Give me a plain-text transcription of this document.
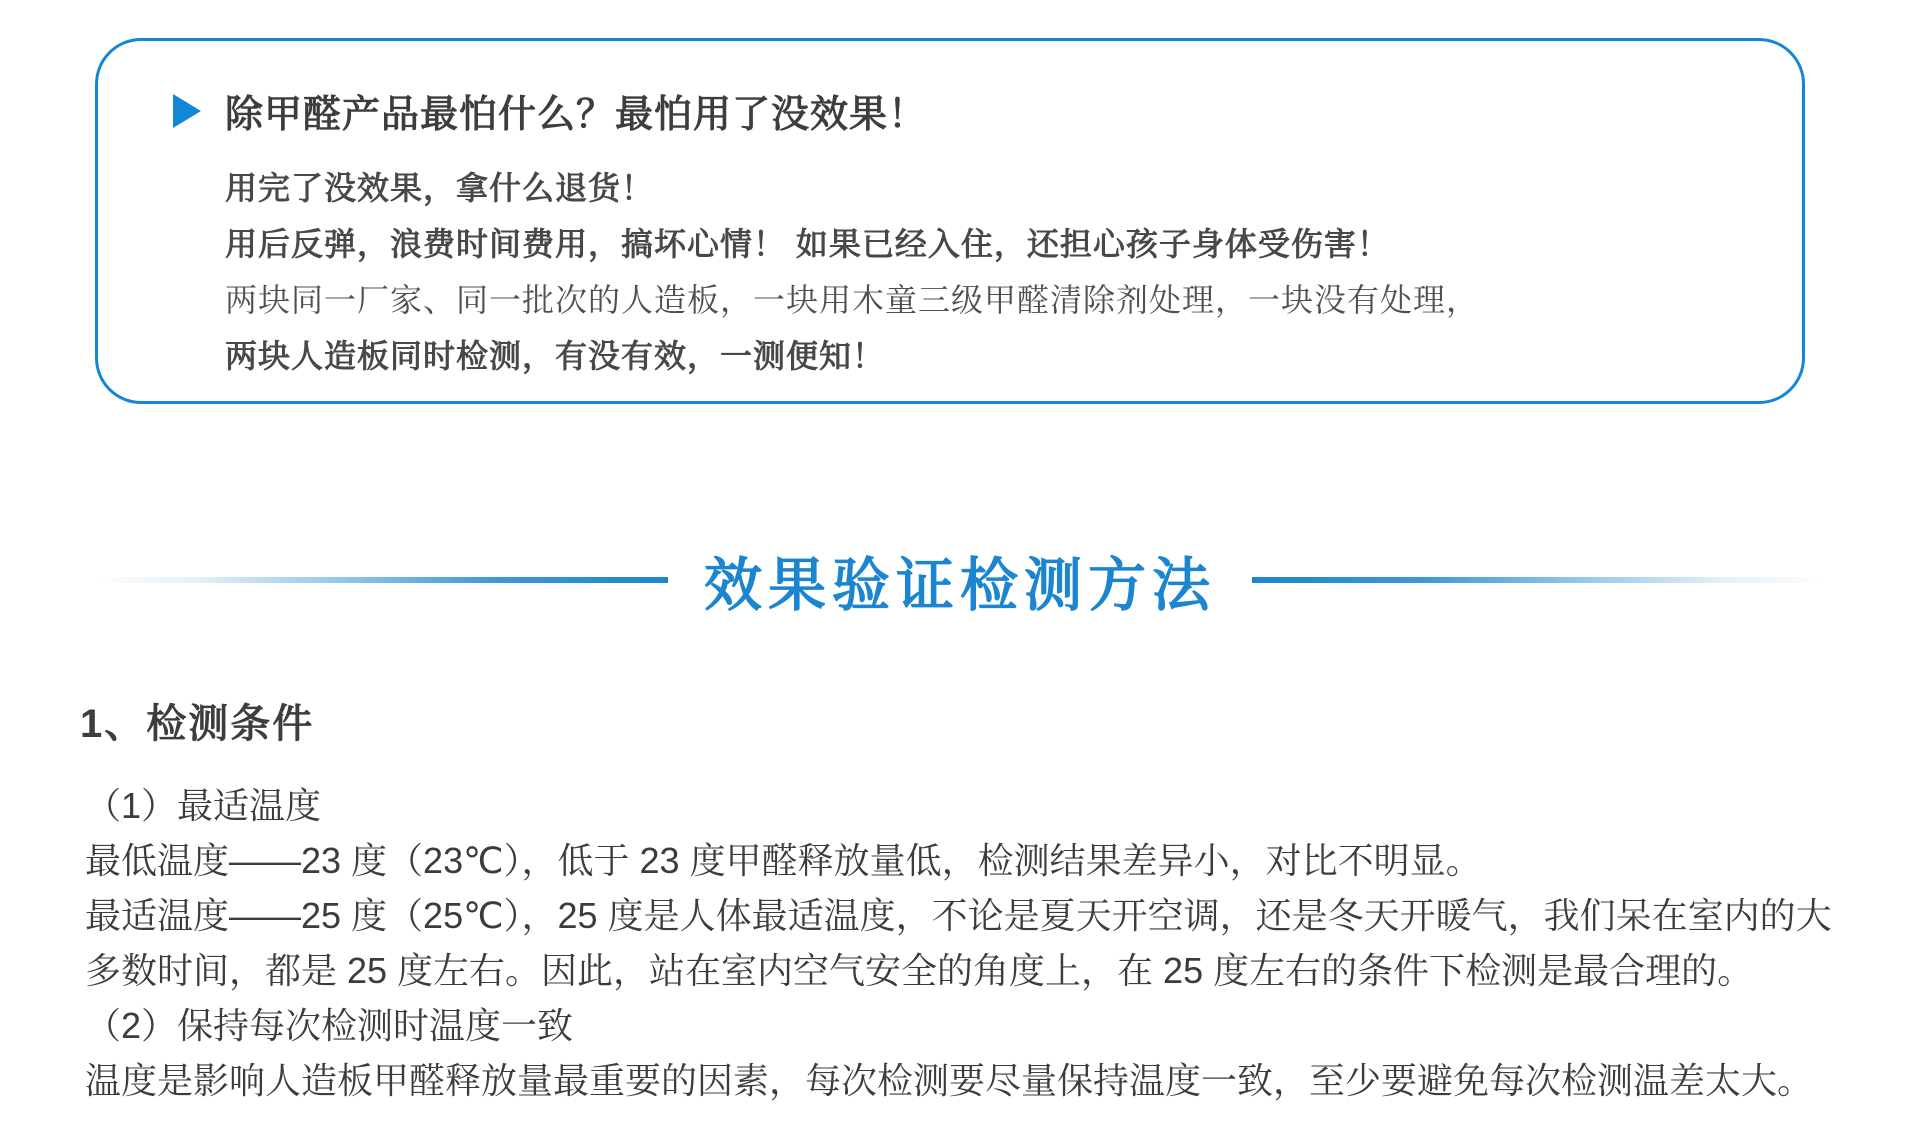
除甲醛产品最怕什么？最怕用了没效果！
用完了没效果，拿什么退货！
用后反弹，浪费时间费用，搞坏心情！ 如果已经入住，还担心孩子身体受伤害！
两块同一厂家、同一批次的人造板，一块用木童三级甲醛清除剂处理，一块没有处理，
两块人造板同时检测，有没有效，一测便知！
效果验证检测方法
1、检测条件
（1）最适温度
最低温度——23 度（23℃），低于 23 度甲醛释放量低，检测结果差异小，对比不明显。
最适温度——25 度（25℃），25 度是人体最适温度，不论是夏天开空调，还是冬天开暖气，我们呆在室内的大
多数时间，都是 25 度左右。因此，站在室内空气安全的角度上，在 25 度左右的条件下检测是最合理的。
（2）保持每次检测时温度一致
温度是影响人造板甲醛释放量最重要的因素，每次检测要尽量保持温度一致，至少要避免每次检测温差太大。
